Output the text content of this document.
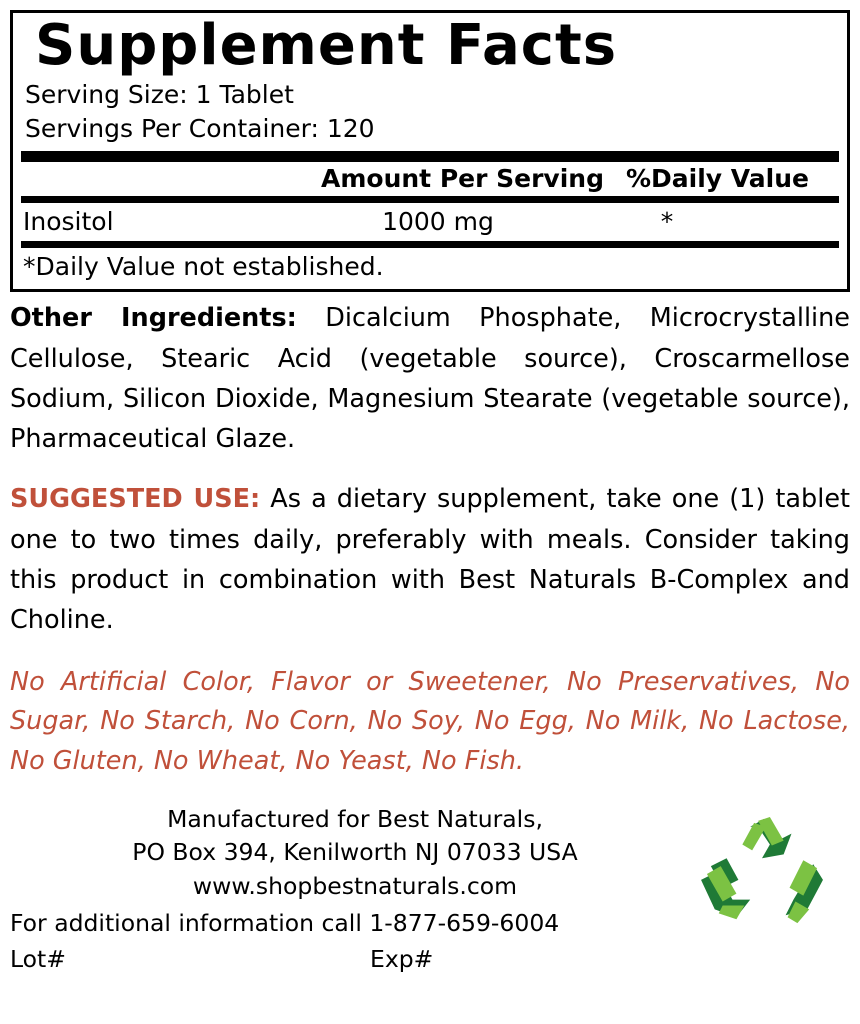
Supplement Facts
Serving Size: 1 Tablet
Servings Per Container: 120
Amount Per Serving %Daily Value
Inositol	1000 mg	*
*Daily Value not established.
Other Ingredients: Dicalcium Phosphate, Microcrystalline Cellulose, Stearic Acid (vegetable source), Croscarmellose Sodium, Silicon Dioxide, Magnesium Stearate (vegetable source), Pharmaceutical Glaze.
SUGGESTED USE: As a dietary supplement, take one (1) tablet one to two times daily, preferably with meals. Consider taking this product in combination with Best Naturals B-Complex and Choline.
No Artificial Color, Flavor or Sweetener, No Preservatives, No Sugar, No Starch, No Corn, No Soy, No Egg, No Milk, No Lactose, No Gluten, No Wheat, No Yeast, No Fish.
Manufactured for Best Naturals,
PO Box 394, Kenilworth NJ 07033 USA
www.shopbestnaturals.com
For additional information call 1-877-659-6004
Lot#	Exp#
